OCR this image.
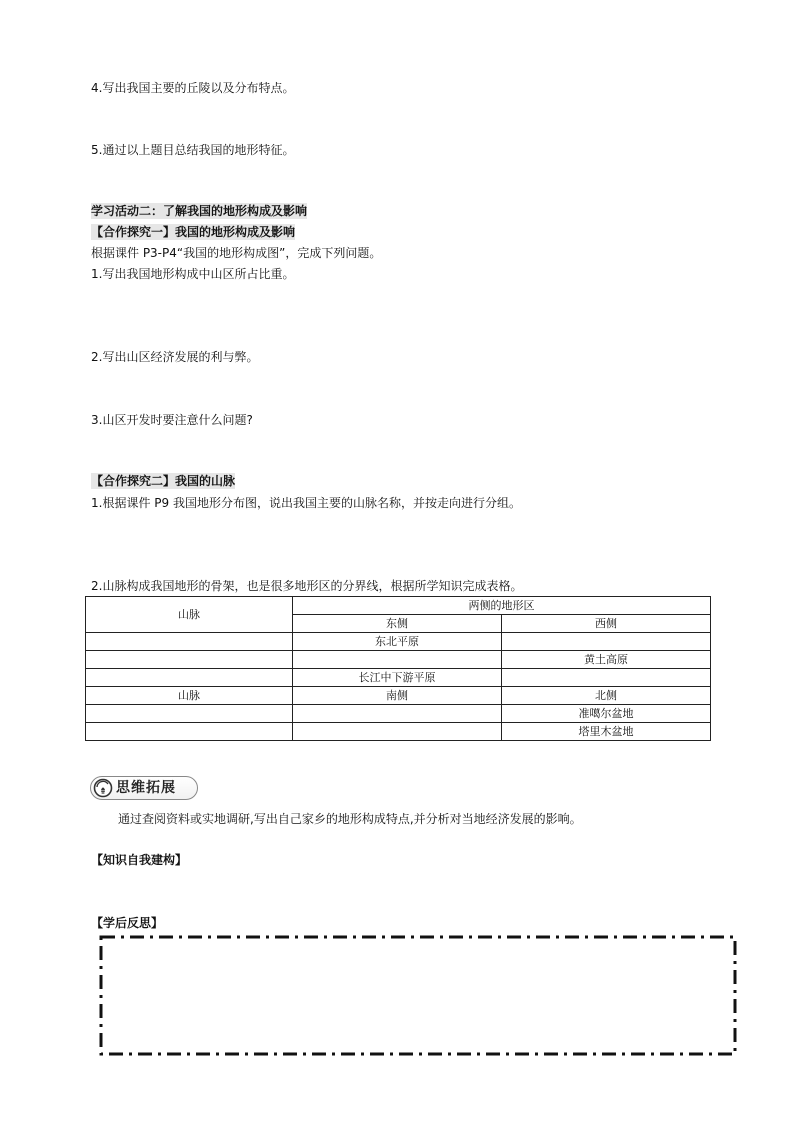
4.写出我国主要的丘陵以及分布特点。
5.通过以上题目总结我国的地形特征。
学习活动二：了解我国的地形构成及影响
【合作探究一】我国的地形构成及影响
根据课件 P3-P4“我国的地形构成图”，完成下列问题。
1.写出我国地形构成中山区所占比重。
2.写出山区经济发展的利与弊。
3.山区开发时要注意什么问题?
【合作探究二】我国的山脉
1.根据课件 P9 我国地形分布图，说出我国主要的山脉名称，并按走向进行分组。
2.山脉构成我国地形的骨架，也是很多地形区的分界线，根据所学知识完成表格。
山脉	两侧的地形区	
	东侧	西侧
	东北平原	
		黄土高原
	长江中下游平原	
山脉	南侧	北侧
		准噶尔盆地
		塔里木盆地
思维拓展
通过查阅资料或实地调研,写出自己家乡的地形构成特点,并分析对当地经济发展的影响。
【知识自我建构】
【学后反思】
